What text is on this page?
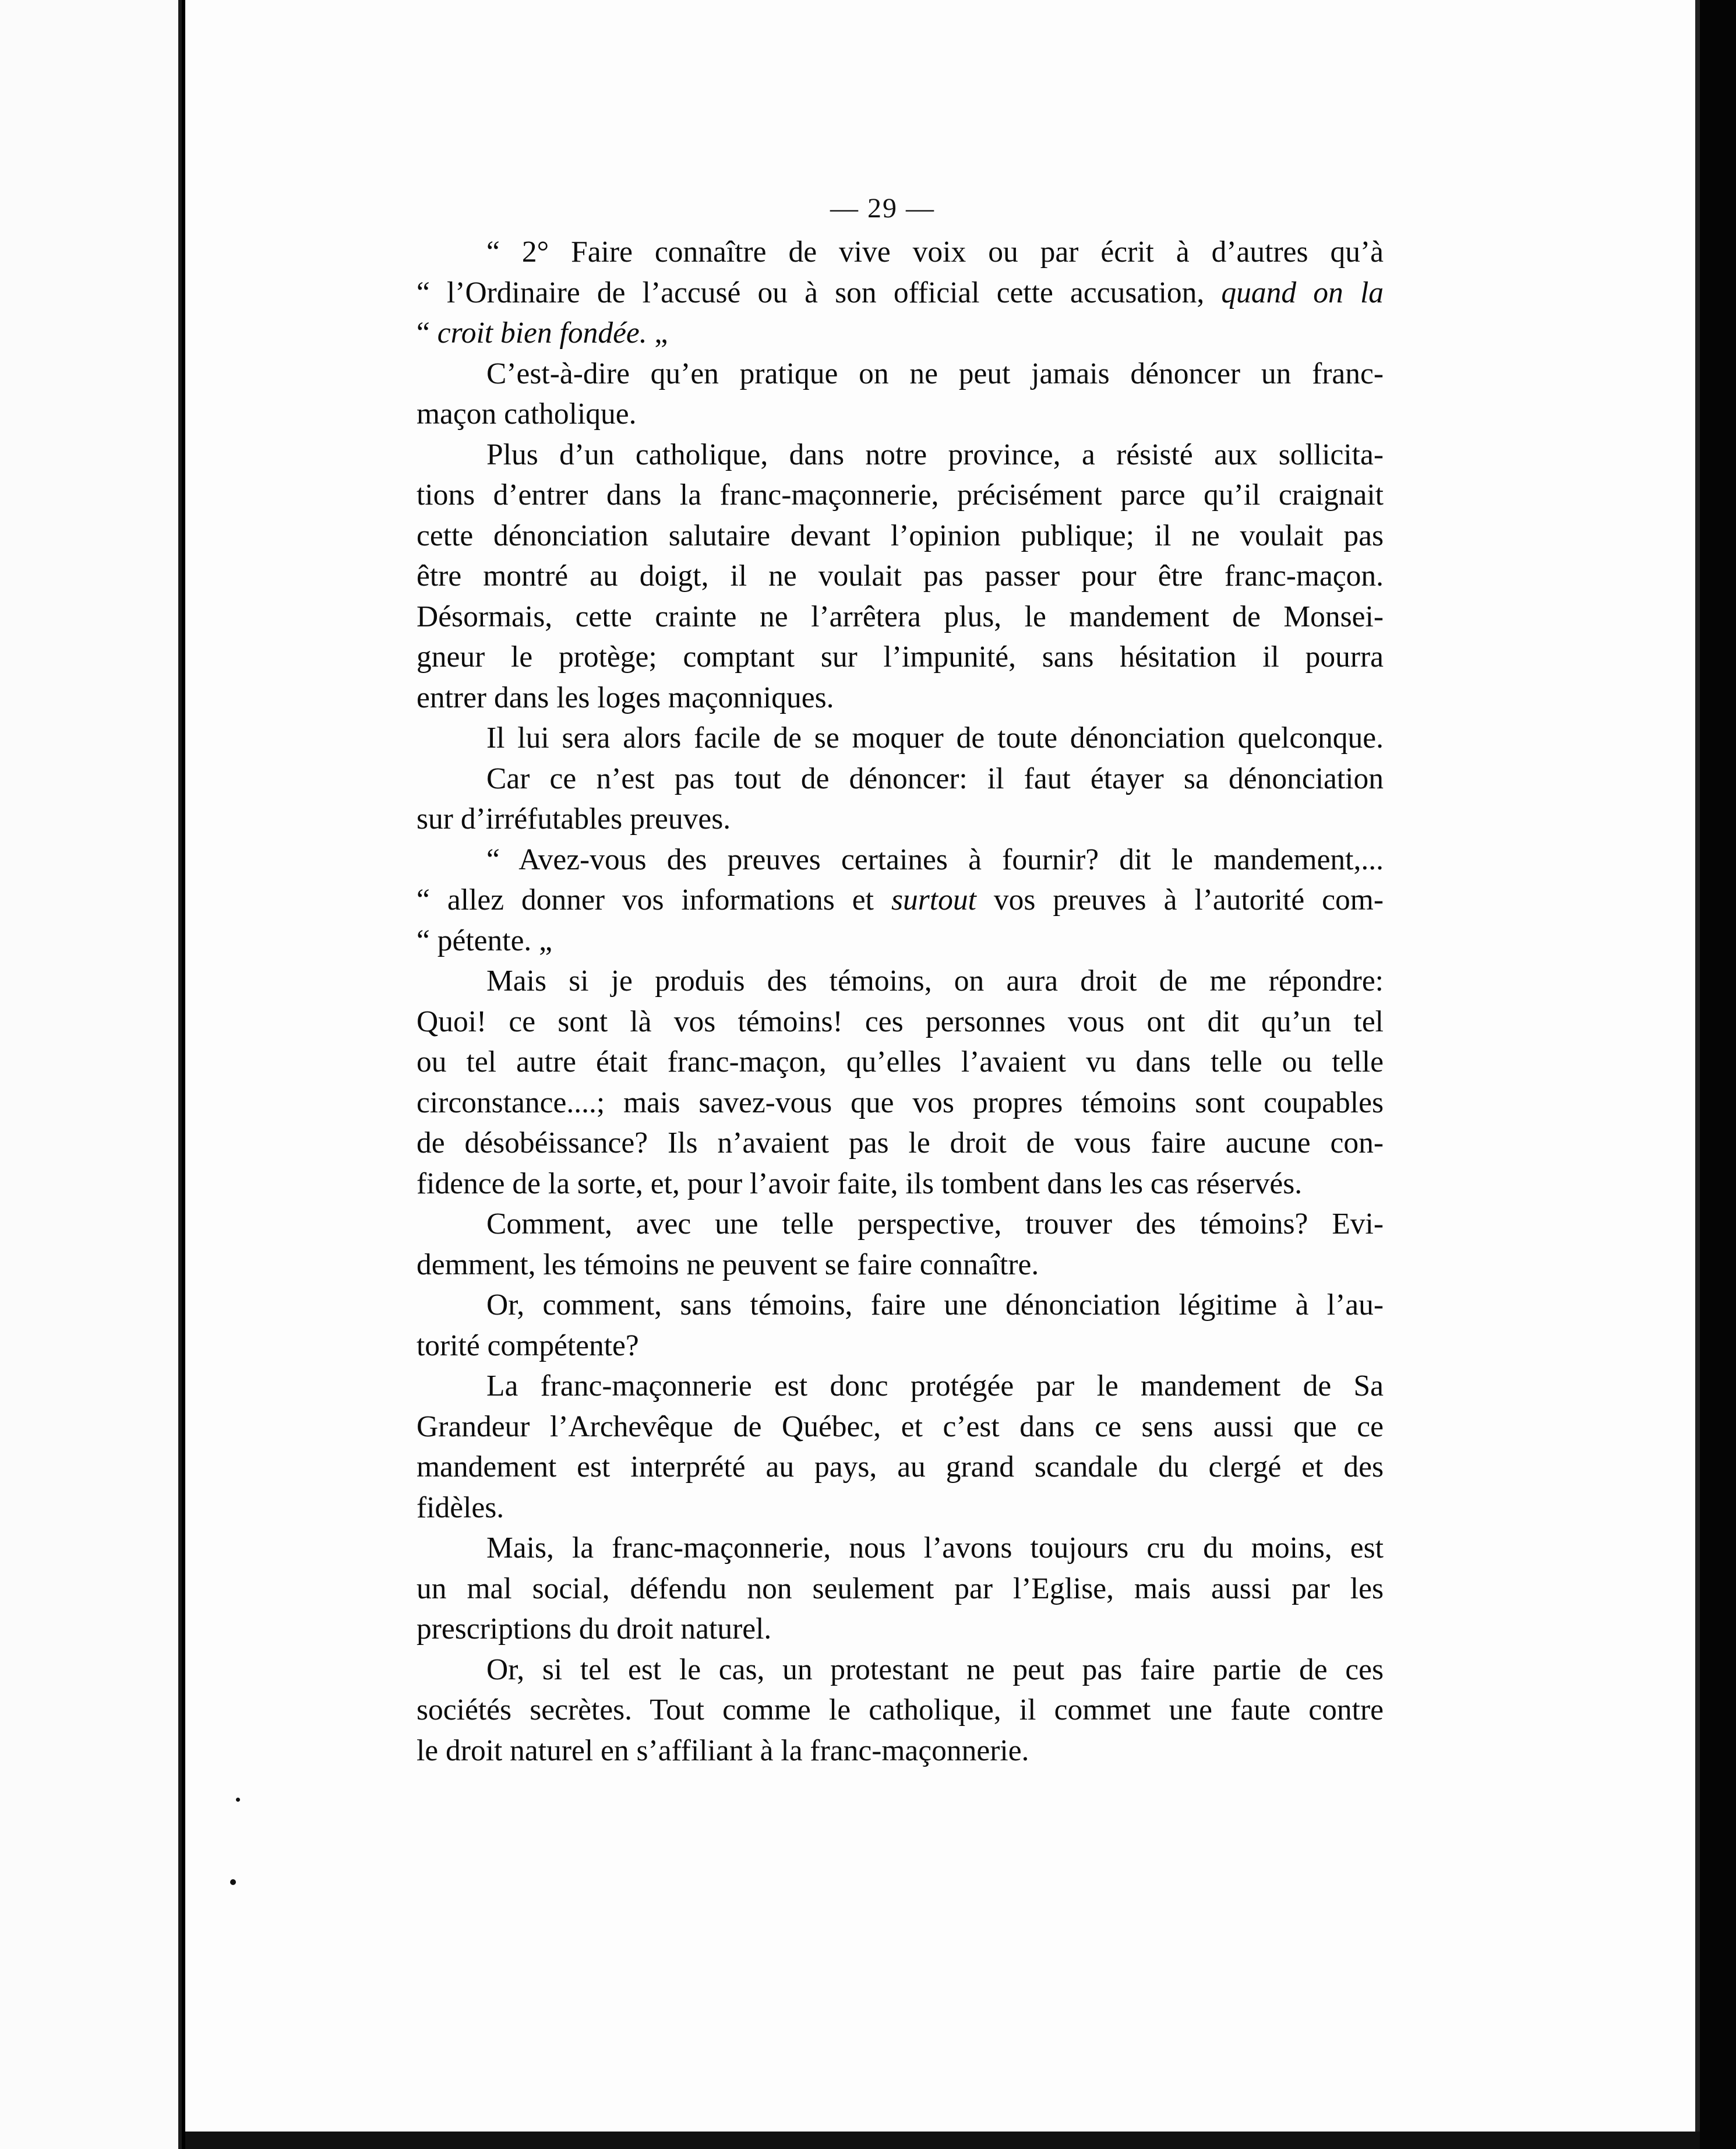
— 29 —
“ 2° Faire connaître de vive voix ou par écrit à d’autres qu’à
“ l’Ordinaire de l’accusé ou à son official cette accusation, quand on la
“ croit bien fondée. „
C’est-à-dire qu’en pratique on ne peut jamais dénoncer un franc-
maçon catholique.
Plus d’un catholique, dans notre province, a résisté aux sollicita-
tions d’entrer dans la franc-maçonnerie, précisément parce qu’il craignait
cette dénonciation salutaire devant l’opinion publique; il ne voulait pas
être montré au doigt, il ne voulait pas passer pour être franc-maçon.
Désormais, cette crainte ne l’arrêtera plus, le mandement de Monsei-
gneur le protège; comptant sur l’impunité, sans hésitation il pourra
entrer dans les loges maçonniques.
Il lui sera alors facile de se moquer de toute dénonciation quelconque.
Car ce n’est pas tout de dénoncer: il faut étayer sa dénonciation
sur d’irréfutables preuves.
“ Avez-vous des preuves certaines à fournir? dit le mandement,...
“ allez donner vos informations et surtout vos preuves à l’autorité com-
“ pétente. „
Mais si je produis des témoins, on aura droit de me répondre:
Quoi! ce sont là vos témoins! ces personnes vous ont dit qu’un tel
ou tel autre était franc-maçon, qu’elles l’avaient vu dans telle ou telle
circonstance....; mais savez-vous que vos propres témoins sont coupables
de désobéissance? Ils n’avaient pas le droit de vous faire aucune con-
fidence de la sorte, et, pour l’avoir faite, ils tombent dans les cas réservés.
Comment, avec une telle perspective, trouver des témoins? Evi-
demment, les témoins ne peuvent se faire connaître.
Or, comment, sans témoins, faire une dénonciation légitime à l’au-
torité compétente?
La franc-maçonnerie est donc protégée par le mandement de Sa
Grandeur l’Archevêque de Québec, et c’est dans ce sens aussi que ce
mandement est interprété au pays, au grand scandale du clergé et des
fidèles.
Mais, la franc-maçonnerie, nous l’avons toujours cru du moins, est
un mal social, défendu non seulement par l’Eglise, mais aussi par les
prescriptions du droit naturel.
Or, si tel est le cas, un protestant ne peut pas faire partie de ces
sociétés secrètes. Tout comme le catholique, il commet une faute contre
le droit naturel en s’affiliant à la franc-maçonnerie.
